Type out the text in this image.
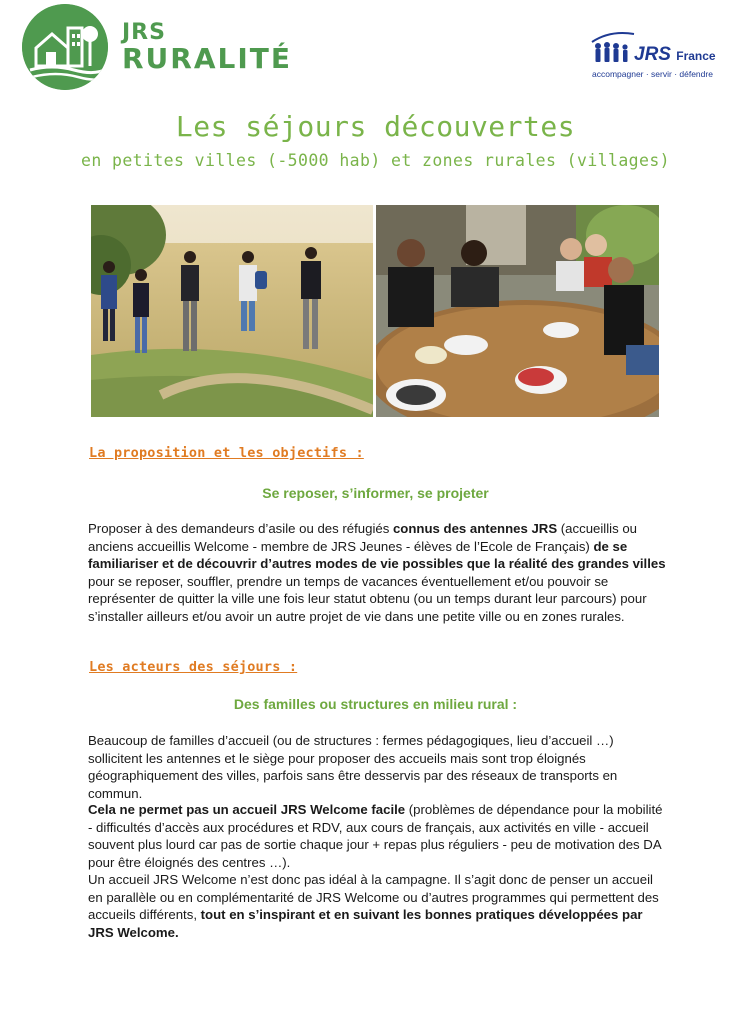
JRS
RURALITÉ	JRS France
accompagner · servir · défendre
Les séjours découvertes
en petites villes (-5000 hab) et zones rurales (villages)
La proposition et les objectifs :
Se reposer, s’informer, se projeter
Proposer à des demandeurs d’asile ou des réfugiés connus des antennes JRS (accueillis ou anciens accueillis Welcome - membre de JRS Jeunes - élèves de l’Ecole de Français) de se familiariser et de découvrir d’autres modes de vie possibles que la réalité des grandes villes pour se reposer, souffler, prendre un temps de vacances éventuellement et/ou pouvoir se représenter de quitter la ville une fois leur statut obtenu (ou un temps durant leur parcours) pour s’installer ailleurs et/ou avoir un autre projet de vie dans une petite ville ou en zones rurales.
Les acteurs des séjours :
Des familles ou structures en milieu rural :
Beaucoup de familles d’accueil (ou de structures : fermes pédagogiques, lieu d’accueil …) sollicitent les antennes et le siège pour proposer des accueils mais sont trop éloignés géographiquement des villes, parfois sans être desservis par des réseaux de transports en commun.
Cela ne permet pas un accueil JRS Welcome facile (problèmes de dépendance pour la mobilité - difficultés d’accès aux procédures et RDV, aux cours de français, aux activités en ville - accueil souvent plus lourd car pas de sortie chaque jour + repas plus réguliers - peu de motivation des DA pour être éloignés des centres …).
Un accueil JRS Welcome n’est donc pas idéal à la campagne. Il s’agit donc de penser un accueil en parallèle ou en complémentarité de JRS Welcome ou d’autres programmes qui permettent des accueils différents, tout en s’inspirant et en suivant les bonnes pratiques développées par JRS Welcome.
